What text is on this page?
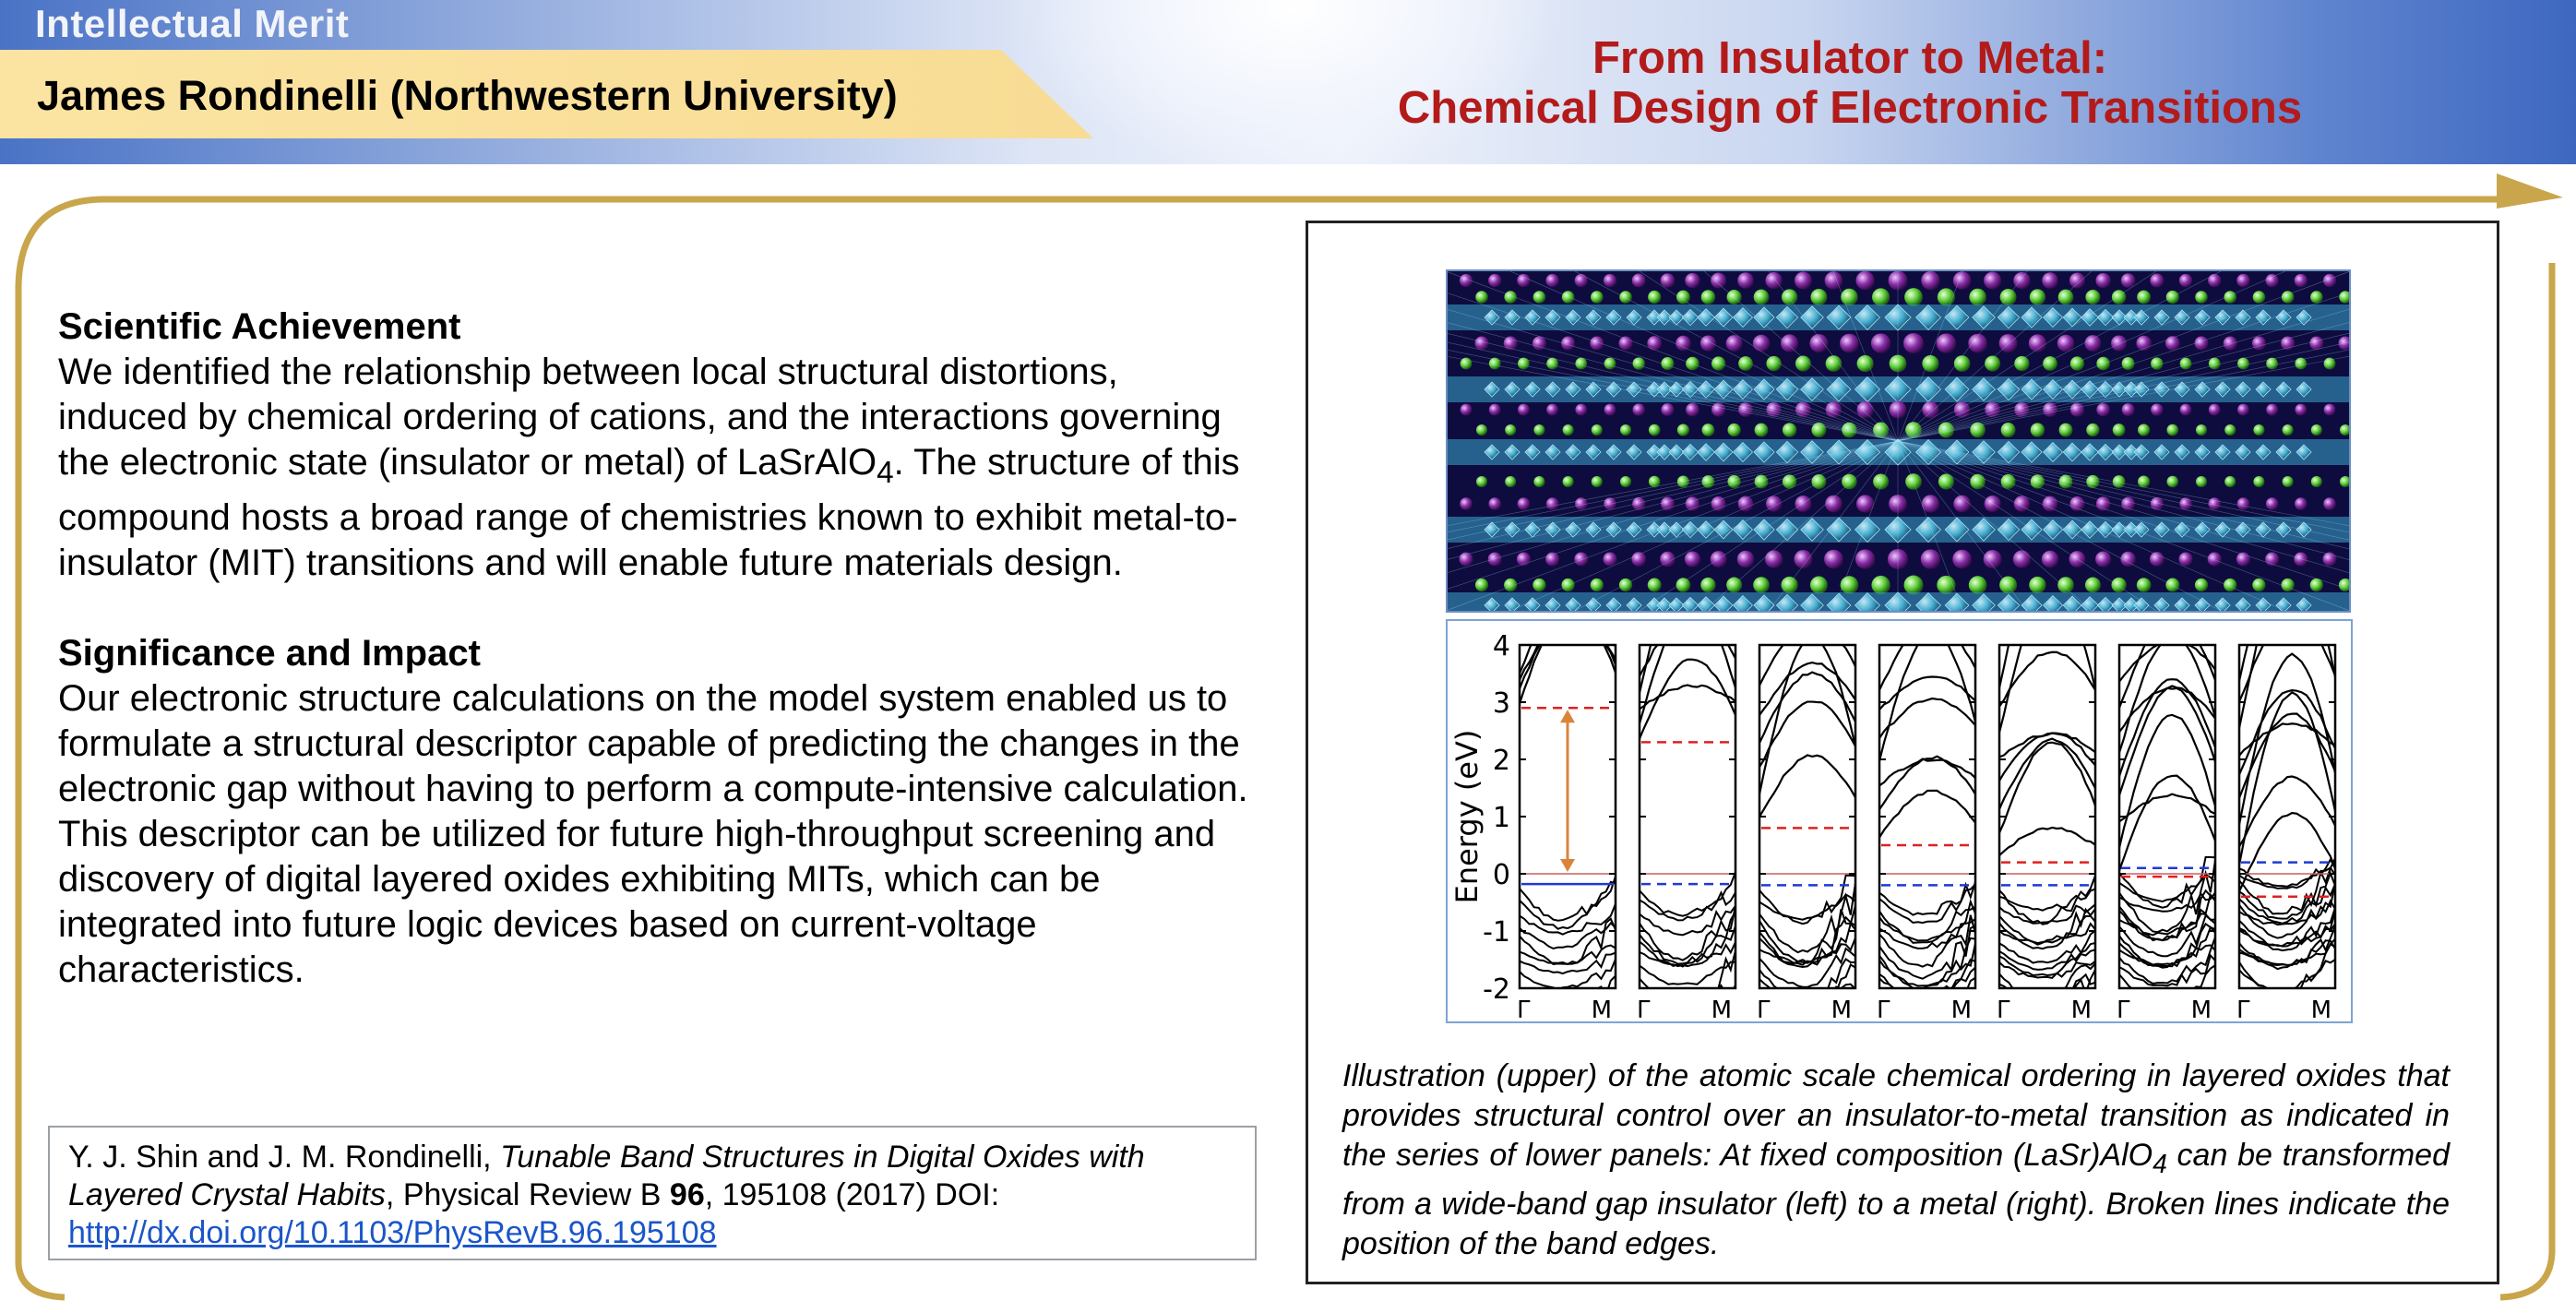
Intellectual Merit
James Rondinelli (Northwestern University)
From Insulator to Metal:
Chemical Design of Electronic Transitions
Scientific Achievement

We identified the relationship between local structural distortions, induced by chemical ordering of cations, and the interactions governing the electronic state (insulator or metal) of LaSrAlO$_4$. The structure of this compound hosts a broad range of chemistries known to exhibit metal-to-insulator (MIT) transitions and will enable future materials design.

Significance and Impact

Our electronic structure calculations on the model system enabled us to formulate a structural descriptor capable of predicting the changes in the electronic gap without having to perform a compute-intensive calculation. This descriptor can be utilized for future high-throughput screening and discovery of digital layered oxides exhibiting MITs, which can be integrated into future logic devices based on current-voltage characteristics.

Y. J. Shin and J. M. Rondinelli, Tunable Band Structures in Digital Oxides with Layered Crystal Habits, Physical Review B 96, 195108 (2017) DOI:
http://dx.doi.org/10.1103/PhysRevB.96.195108
Energy (eV)
4
3
2
1
0
-1
-2
Γ	M Γ	M Γ	M Γ	M Γ	M Γ	M Γ	M
Illustration (upper) of the atomic scale chemical ordering in layered oxides that provides structural control over an insulator-to-metal transition as indicated in the series of lower panels: At fixed composition (LaSr)AlO$_4$ can be transformed from a wide-band gap insulator (left) to a metal (right). Broken lines indicate the position of the band edges.
